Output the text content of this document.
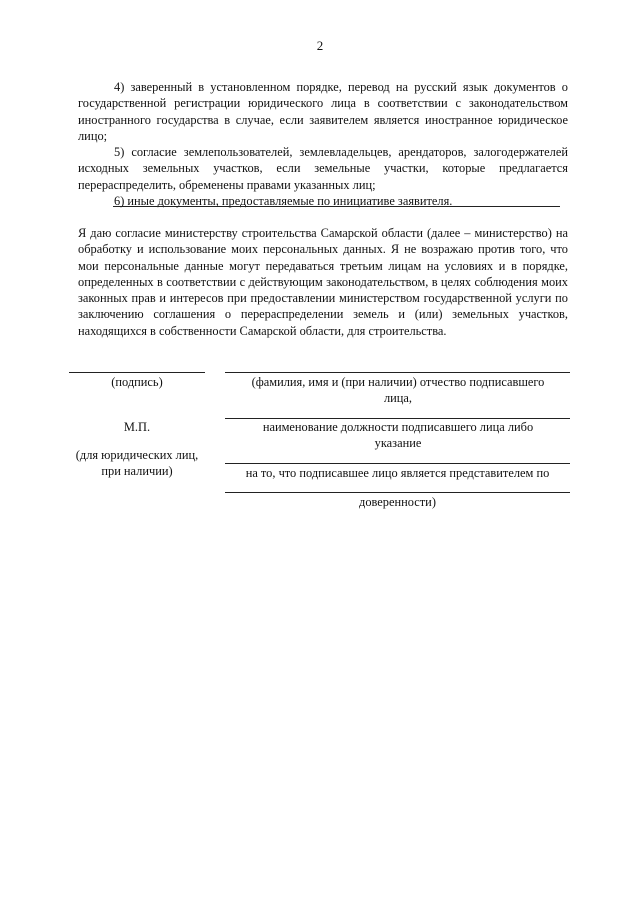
2

4) заверенный в установленном порядке, перевод на русский язык документов о государственной регистрации юридического лица в соответствии с законодательством иностранного государства в случае, если заявителем является иностранное юридическое лицо;

5) согласие землепользователей, землевладельцев, арендаторов, залогодержателей исходных земельных участков, если земельные участки, которые предлагается перераспределить, обременены правами указанных лиц;

6) иные документы, предоставляемые по инициативе заявителя.

Я даю согласие министерству строительства Самарской области (далее – министерство) на обработку и использование моих персональных данных. Я не возражаю против того, что мои персональные данные могут передаваться третьим лицам на условиях и в порядке, определенных в соответствии с действующим законодательством, в целях соблюдения моих законных прав и интересов при предоставлении министерством государственной услуги по заключению соглашения о перераспределении земель и (или) земельных участков, находящихся в собственности Самарской области, для строительства.

(подпись)	(фамилия, имя и (при наличии) отчество подписавшего лица,
М.П.	наименование должности подписавшего лица либо указание
(для юридических лиц, при наличии)	на то, что подписавшее лицо является представителем по
доверенности)
